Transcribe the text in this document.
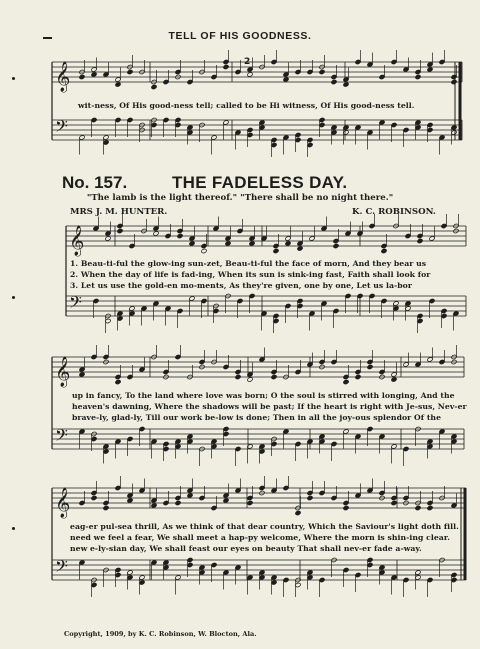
𝄞
𝄢
𝄞
𝄢
𝄞
𝄢
𝄞
𝄢
TELL OF HIS GOODNESS.
2
wit-ness, Of His good-ness tell; called to be Hi witness, Of His good-ness tell.
No. 157.	THE FADELESS DAY.
"The lamb is the light thereof." "There shall be no night there."
MRS J. M. HUNTER.	K. C. ROBINSON.
1. Beau-ti-ful the glow-ing sun-zet, Beau-ti-ful the face of morn, And they bear us
2. When the day of life is fad-ing, When its sun is sink-ing fast, Faith shall look for
3. Let us use the gold-en mo-ments, As they're given, one by one, Let us la-bor
up in fancy, To the land where love was born; O the soul is stirred with longing, And the
heaven's dawning, Where the shadows will be past; If the heart is right with Je-sus, Nev-er
brave-ly, glad-ly, Till our work be-low is done; Then in all the joy-ous splendor Of the
eag-er pul-sea thrill, As we think of that dear country, Which the Saviour's light doth fill.
need we feel a fear, We shall meet a hap-py welcome, Where the morn is shin-ing clear.
new e-ly-sian day, We shall feast our eyes on beauty That shall nev-er fade a-way.
Copyright, 1909, by K. C. Robinson, W. Blocton, Ala.
